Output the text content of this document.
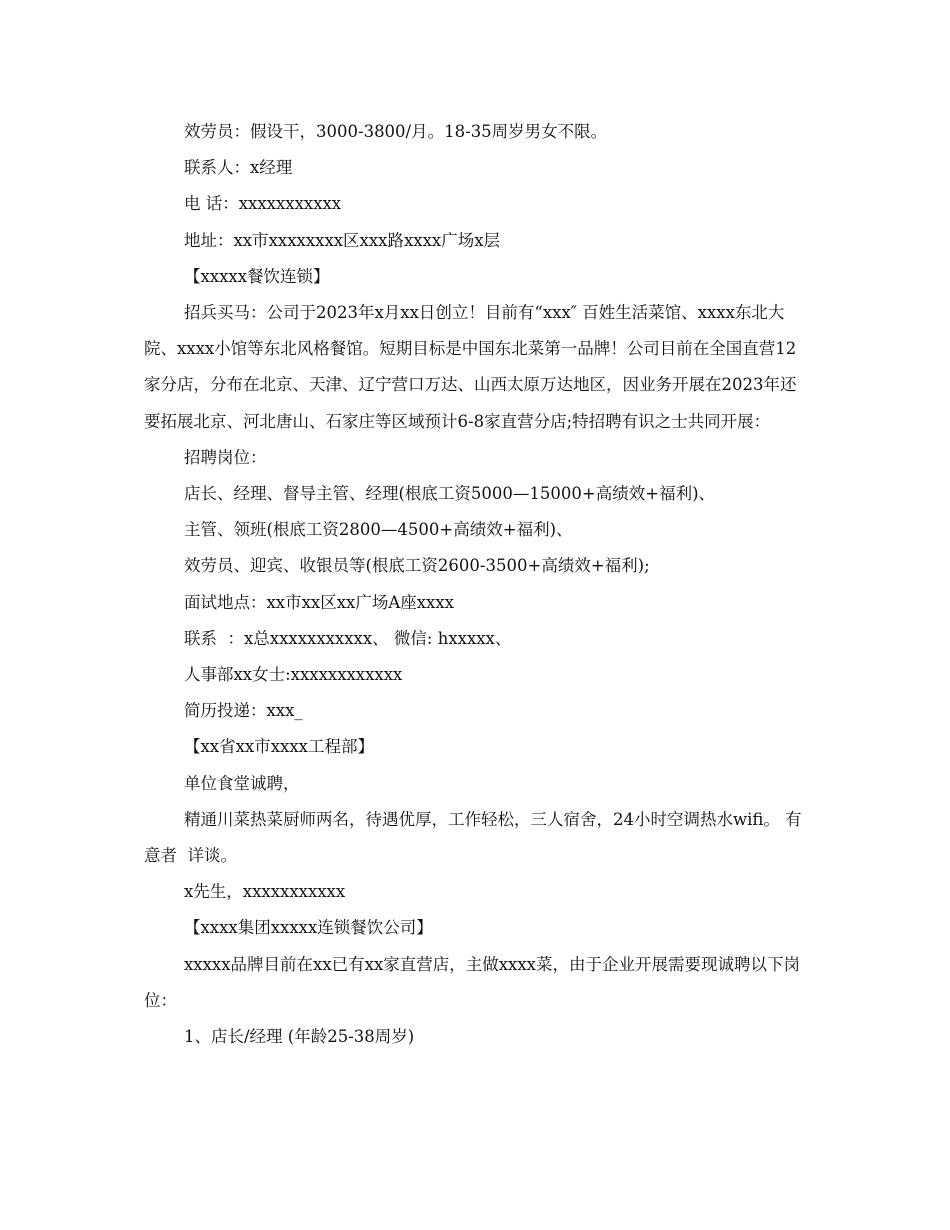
效劳员：假设干，3000-3800/月。18-35周岁男女不限。

联系人：x经理

电 话：xxxxxxxxxxx

地址：xx市xxxxxxxx区xxx路xxxx广场x层

【xxxxx餐饮连锁】

招兵买马：公司于2023年x月xx日创立！目前有“xxx″ 百姓生活菜馆、xxxx东北大院、xxxx小馆等东北风格餐馆。短期目标是中国东北菜第一品牌！公司目前在全国直营12家分店，分布在北京、天津、辽宁营口万达、山西太原万达地区，因业务开展在2023年还要拓展北京、河北唐山、石家庄等区域预计6-8家直营分店;特招聘有识之士共同开展：

招聘岗位：

店长、经理、督导主管、经理(根底工资5000—15000+高绩效+福利)、

主管、领班(根底工资2800—4500+高绩效+福利)、

效劳员、迎宾、收银员等(根底工资2600-3500+高绩效+福利);

面试地点：xx市xx区xx广场A座xxxx

联系  ：x总xxxxxxxxxxx、 微信: hxxxxx、

人事部xx女士:xxxxxxxxxxxx

简历投递：xxx_

【xx省xx市xxxx工程部】

单位食堂诚聘，

精通川菜热菜厨师两名，待遇优厚，工作轻松，三人宿舍，24小时空调热水wifi。 有意者  详谈。

x先生，xxxxxxxxxxx

【xxxx集团xxxxx连锁餐饮公司】

xxxxx品牌目前在xx已有xx家直营店，主做xxxx菜，由于企业开展需要现诚聘以下岗位：

1、店长/经理 (年龄25-38周岁)
